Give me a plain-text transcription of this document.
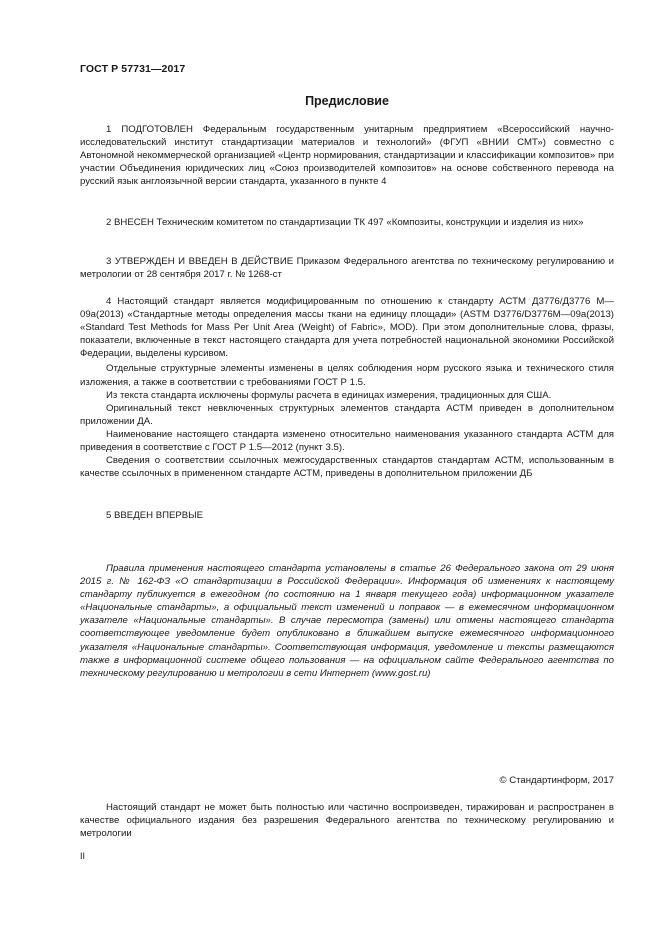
ГОСТ Р 57731—2017
Предисловие

1 ПОДГОТОВЛЕН Федеральным государственным унитарным предприятием «Всероссийский научно-исследовательский институт стандартизации материалов и технологий» (ФГУП «ВНИИ СМТ») совместно с Автономной некоммерческой организацией «Центр нормирования, стандартизации и классификации композитов» при участии Объединения юридических лиц «Союз производителей композитов» на основе собственного перевода на русский язык англоязычной версии стандарта, указанного в пункте 4

2 ВНЕСЕН Техническим комитетом по стандартизации ТК 497 «Композиты, конструкции и изделия из них»

3 УТВЕРЖДЕН И ВВЕДЕН В ДЕЙСТВИЕ Приказом Федерального агентства по техническому регулированию и метрологии от 28 сентября 2017 г. № 1268-ст

4 Настоящий стандарт является модифицированным по отношению к стандарту АСТМ Д3776/Д3776 М—09а(2013) «Стандартные методы определения массы ткани на единицу площади» (ASTM D3776/D3776M—09a(2013) «Standard Test Methods for Mass Per Unit Area (Weight) of Fabric», MOD). При этом дополнительные слова, фразы, показатели, включенные в текст настоящего стандарта для учета потребностей национальной экономики Российской Федерации, выделены курсивом.

Отдельные структурные элементы изменены в целях соблюдения норм русского языка и технического стиля изложения, а также в соответствии с требованиями ГОСТ Р 1.5.

Из текста стандарта исключены формулы расчета в единицах измерения, традиционных для США.

Оригинальный текст невключенных структурных элементов стандарта АСТМ приведен в дополнительном приложении ДА.

Наименование настоящего стандарта изменено относительно наименования указанного стандарта АСТМ для приведения в соответствие с ГОСТ Р 1.5—2012 (пункт 3.5).

Сведения о соответствии ссылочных межгосударственных стандартов стандартам АСТМ, использованным в качестве ссылочных в примененном стандарте АСТМ, приведены в дополнительном приложении ДБ

5 ВВЕДЕН ВПЕРВЫЕ

Правила применения настоящего стандарта установлены в статье 26 Федерального закона от 29 июня 2015 г. № 162-ФЗ «О стандартизации в Российской Федерации». Информация об изменениях к настоящему стандарту публикуется в ежегодном (по состоянию на 1 января текущего года) информационном указателе «Национальные стандарты», а официальный текст изменений и поправок — в ежемесячном информационном указателе «Национальные стандарты». В случае пересмотра (замены) или отмены настоящего стандарта соответствующее уведомление будет опубликовано в ближайшем выпуске ежемесячного информационного указателя «Национальные стандарты». Соответствующая информация, уведомление и тексты размещаются также в информационной системе общего пользования — на официальном сайте Федерального агентства по техническому регулированию и метрологии в сети Интернет (www.gost.ru)

© Стандартинформ, 2017

Настоящий стандарт не может быть полностью или частично воспроизведен, тиражирован и распространен в качестве официального издания без разрешения Федерального агентства по техническому регулированию и метрологии

II
